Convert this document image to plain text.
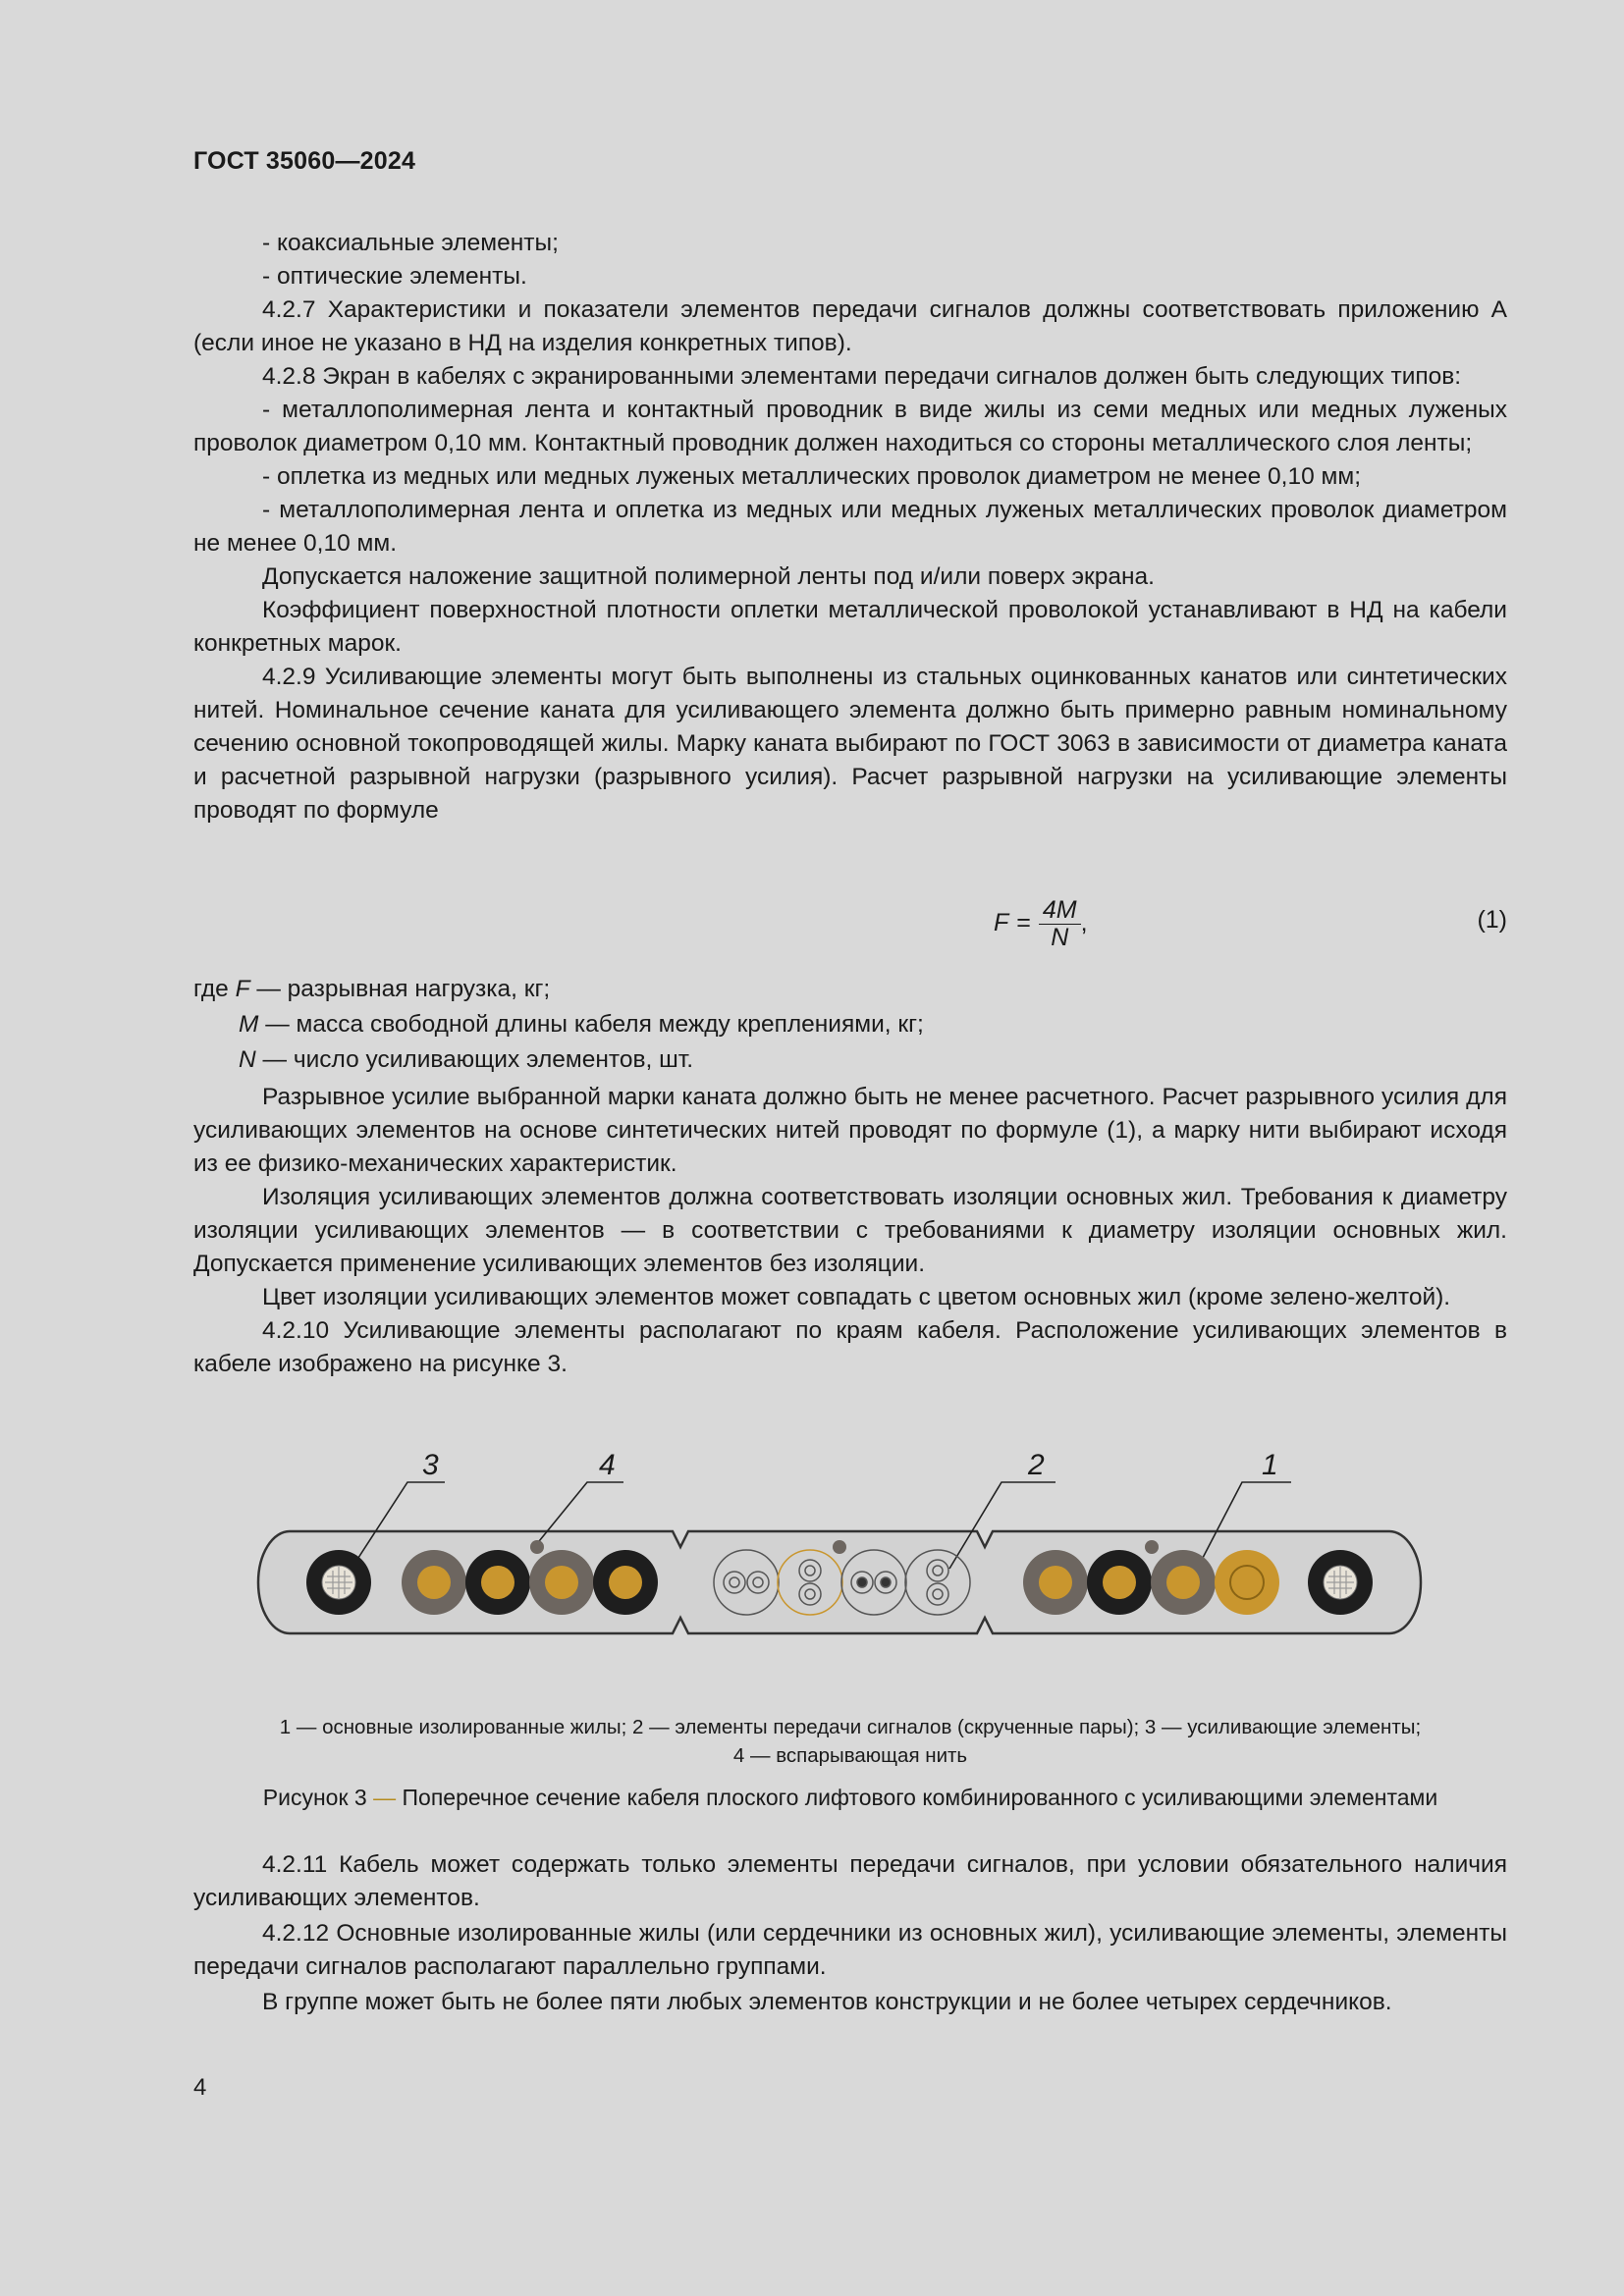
ГОСТ 35060—2024

- коаксиальные элементы;

- оптические элементы.

4.2.7 Характеристики и показатели элементов передачи сигналов должны соответствовать приложению А (если иное не указано в НД на изделия конкретных типов).

4.2.8 Экран в кабелях с экранированными элементами передачи сигналов должен быть следующих типов:

- металлополимерная лента и контактный проводник в виде жилы из семи медных или медных луженых проволок диаметром 0,10 мм. Контактный проводник должен находиться со стороны металлического слоя ленты;

- оплетка из медных или медных луженых металлических проволок диаметром не менее 0,10 мм;

- металлополимерная лента и оплетка из медных или медных луженых металлических проволок диаметром не менее 0,10 мм.

Допускается наложение защитной полимерной ленты под и/или поверх экрана.

Коэффициент поверхностной плотности оплетки металлической проволокой устанавливают в НД на кабели конкретных марок.

4.2.9 Усиливающие элементы могут быть выполнены из стальных оцинкованных канатов или синтетических нитей. Номинальное сечение каната для усиливающего элемента должно быть примерно равным номинальному сечению основной токопроводящей жилы. Марку каната выбирают по ГОСТ 3063 в зависимости от диаметра каната и расчетной разрывной нагрузки (разрывного усилия). Расчет разрывной нагрузки на усиливающие элементы проводят по формуле

$F = \frac{4M}{N}$ ,	(1)
где F — разрывная нагрузка, кг;
M — масса свободной длины кабеля между креплениями, кг;
N — число усиливающих элементов, шт.

Разрывное усилие выбранной марки каната должно быть не менее расчетного. Расчет разрывного усилия для усиливающих элементов на основе синтетических нитей проводят по формуле (1), а марку нити выбирают исходя из ее физико-механических характеристик.

Изоляция усиливающих элементов должна соответствовать изоляции основных жил. Требования к диаметру изоляции усиливающих элементов — в соответствии с требованиями к диаметру изоляции основных жил. Допускается применение усиливающих элементов без изоляции.

Цвет изоляции усиливающих элементов может совпадать с цветом основных жил (кроме зелено-желтой).

4.2.10 Усиливающие элементы располагают по краям кабеля. Расположение усиливающих элементов в кабеле изображено на рисунке 3.

3	4	2	1
1 — основные изолированные жилы; 2 — элементы передачи сигналов (скрученные пары); 3 — усиливающие элементы;
4 — вспарывающая нить
Рисунок 3 — Поперечное сечение кабеля плоского лифтового комбинированного с усиливающими элементами

4.2.11 Кабель может содержать только элементы передачи сигналов, при условии обязательного наличия усиливающих элементов.

4.2.12 Основные изолированные жилы (или сердечники из основных жил), усиливающие элементы, элементы передачи сигналов располагают параллельно группами.

В группе может быть не более пяти любых элементов конструкции и не более четырех сердечников.

4
